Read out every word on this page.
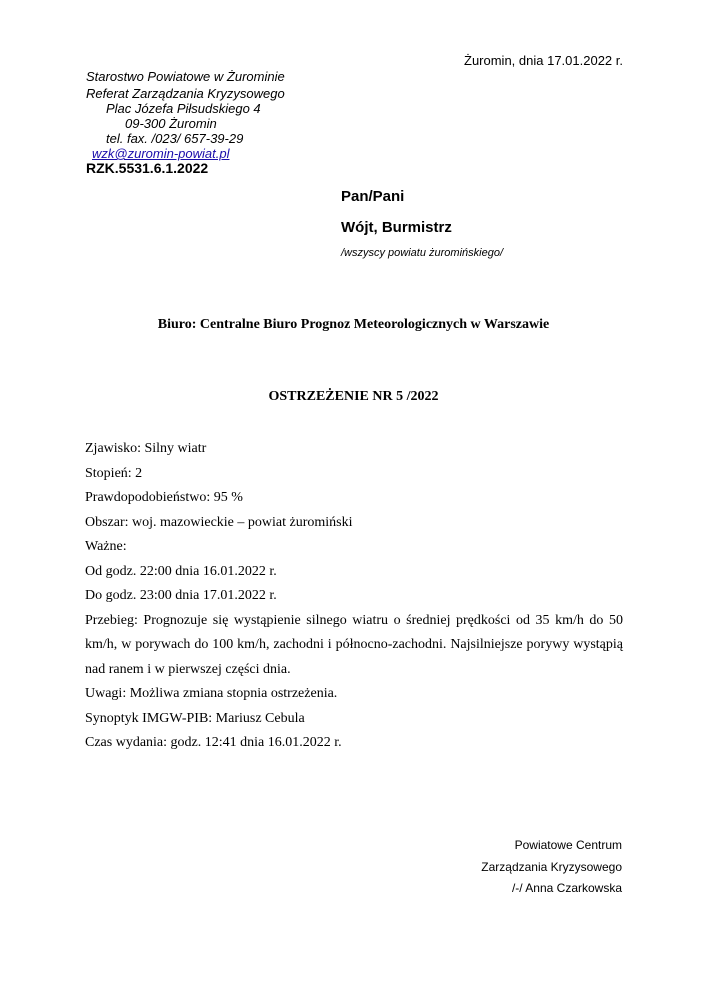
Żuromin, dnia 17.01.2022 r.
Starostwo Powiatowe w Żurominie
Referat Zarządzania Kryzysowego
Plac Józefa Piłsudskiego 4
09-300 Żuromin
tel. fax. /023/ 657-39-29
wzk@zuromin-powiat.pl
RZK.5531.6.1.2022
Pan/Pani
Wójt, Burmistrz
/wszyscy powiatu żuromińskiego/
Biuro: Centralne Biuro Prognoz Meteorologicznych w Warszawie
OSTRZEŻENIE NR 5 /2022

Zjawisko: Silny wiatr

Stopień: 2

Prawdopodobieństwo: 95 %

Obszar: woj. mazowieckie – powiat żuromiński

Ważne:

Od godz. 22:00 dnia 16.01.2022 r.

Do godz. 23:00 dnia 17.01.2022 r.

Przebieg: Prognozuje się wystąpienie silnego wiatru o średniej prędkości od 35 km/h do 50 km/h, w porywach do 100 km/h, zachodni i północno-zachodni. Najsilniejsze porywy wystąpią nad ranem i w pierwszej części dnia.

Uwagi: Możliwa zmiana stopnia ostrzeżenia.

Synoptyk IMGW-PIB: Mariusz Cebula

Czas wydania: godz. 12:41 dnia 16.01.2022 r.

Powiatowe Centrum
Zarządzania Kryzysowego
/-/ Anna Czarkowska
